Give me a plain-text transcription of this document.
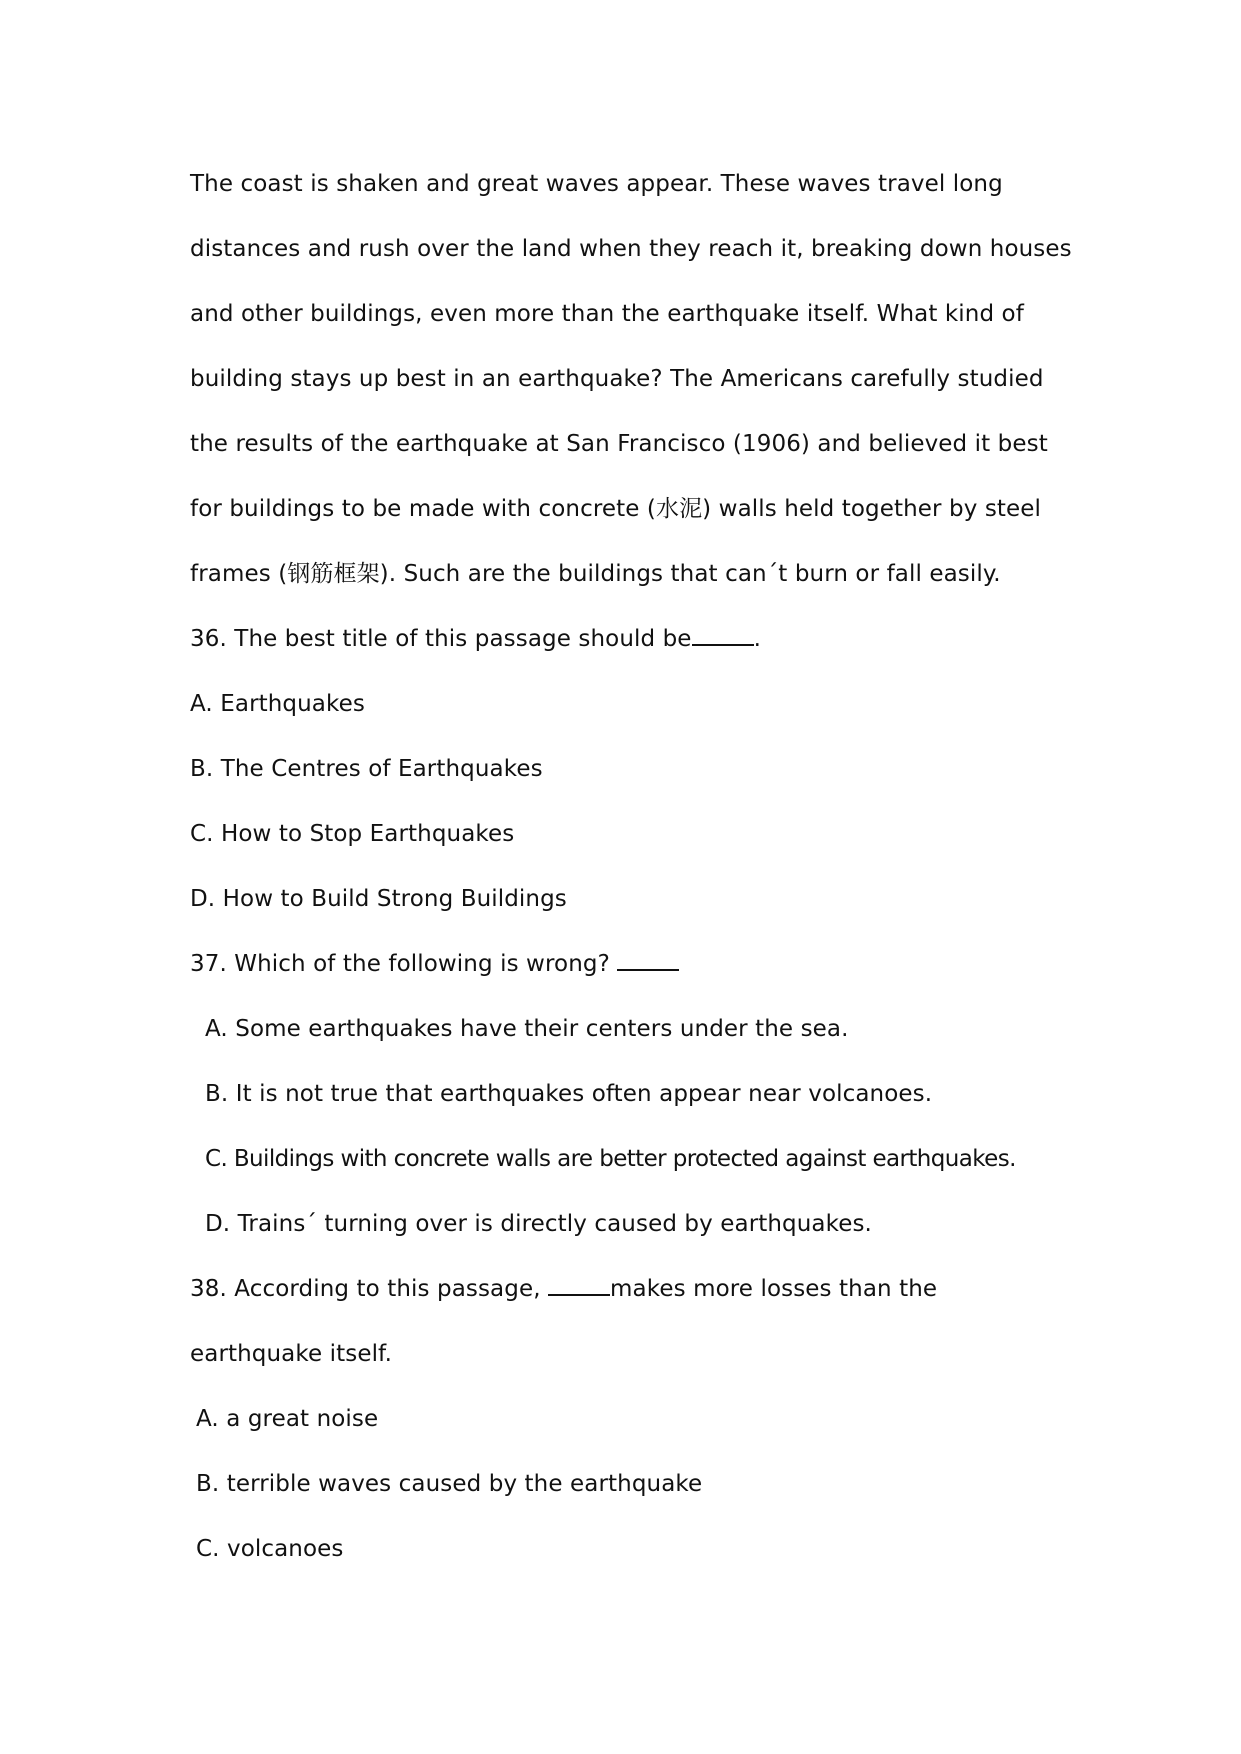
The coast is shaken and great waves appear. These waves travel long
distances and rush over the land when they reach it, breaking down houses
and other buildings, even more than the earthquake itself. What kind of
building stays up best in an earthquake? The Americans carefully studied
the results of the earthquake at San Francisco (1906) and believed it best
for buildings to be made with concrete (水泥) walls held together by steel
frames (钢筋框架). Such are the buildings that can´t burn or fall easily.
36. The best title of this passage should be	.
A. Earthquakes
B. The Centres of Earthquakes
C. How to Stop Earthquakes
D. How to Build Strong Buildings
37. Which of the following is wrong?
A. Some earthquakes have their centers under the sea.
B. It is not true that earthquakes often appear near volcanoes.
C. Buildings with concrete walls are better protected against earthquakes.
D. Trains´ turning over is directly caused by earthquakes.
38. According to this passage,	makes more losses than the
earthquake itself.
A. a great noise
B. terrible waves caused by the earthquake
C. volcanoes
